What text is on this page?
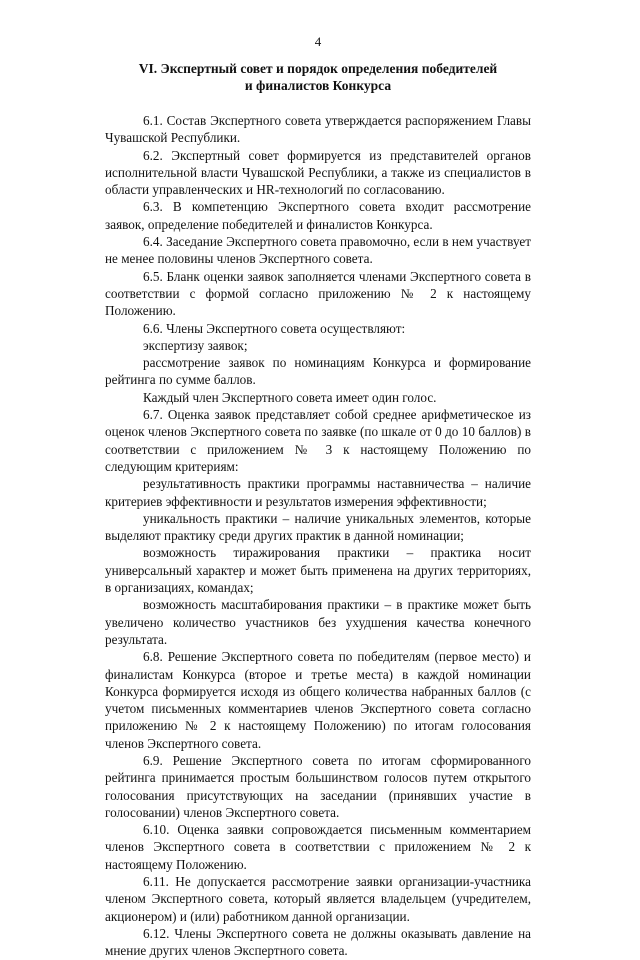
4
VI. Экспертный совет и порядок определения победителей
и финалистов Конкурса

6.1. Состав Экспертного совета утверждается распоряжением Главы Чувашской Республики.

6.2. Экспертный совет формируется из представителей органов исполнительной власти Чувашской Республики, а также из специалистов в области управленческих и HR-технологий по согласованию.

6.3. В компетенцию Экспертного совета входит рассмотрение заявок, определение победителей и финалистов Конкурса.

6.4. Заседание Экспертного совета правомочно, если в нем участвует не менее половины членов Экспертного совета.

6.5. Бланк оценки заявок заполняется членами Экспертного совета в соответствии с формой согласно приложению № 2 к настоящему Положению.

6.6. Члены Экспертного совета осуществляют:

экспертизу заявок;

рассмотрение заявок по номинациям Конкурса и формирование рейтинга по сумме баллов.

Каждый член Экспертного совета имеет один голос.

6.7. Оценка заявок представляет собой среднее арифметическое из оценок членов Экспертного совета по заявке (по шкале от 0 до 10 баллов) в соответствии с приложением № 3 к настоящему Положению по следующим критериям:

результативность практики программы наставничества – наличие критериев эффективности и результатов измерения эффективности;

уникальность практики – наличие уникальных элементов, которые выделяют практику среди других практик в данной номинации;

возможность тиражирования практики – практика носит универсальный характер и может быть применена на других территориях, в организациях, командах;

возможность масштабирования практики – в практике может быть увеличено количество участников без ухудшения качества конечного результата.

6.8. Решение Экспертного совета по победителям (первое место) и финалистам Конкурса (второе и третье места) в каждой номинации Конкурса формируется исходя из общего количества набранных баллов (с учетом письменных комментариев членов Экспертного совета согласно приложению № 2 к настоящему Положению) по итогам голосования членов Экспертного совета.

6.9. Решение Экспертного совета по итогам сформированного рейтинга принимается простым большинством голосов путем открытого голосования присутствующих на заседании (принявших участие в голосовании) членов Экспертного совета.

6.10. Оценка заявки сопровождается письменным комментарием членов Экспертного совета в соответствии с приложением № 2 к настоящему Положению.

6.11. Не допускается рассмотрение заявки организации-участника членом Экспертного совета, который является владельцем (учредителем, акционером) и (или) работником данной организации.

6.12. Члены Экспертного совета не должны оказывать давление на мнение других членов Экспертного совета.
